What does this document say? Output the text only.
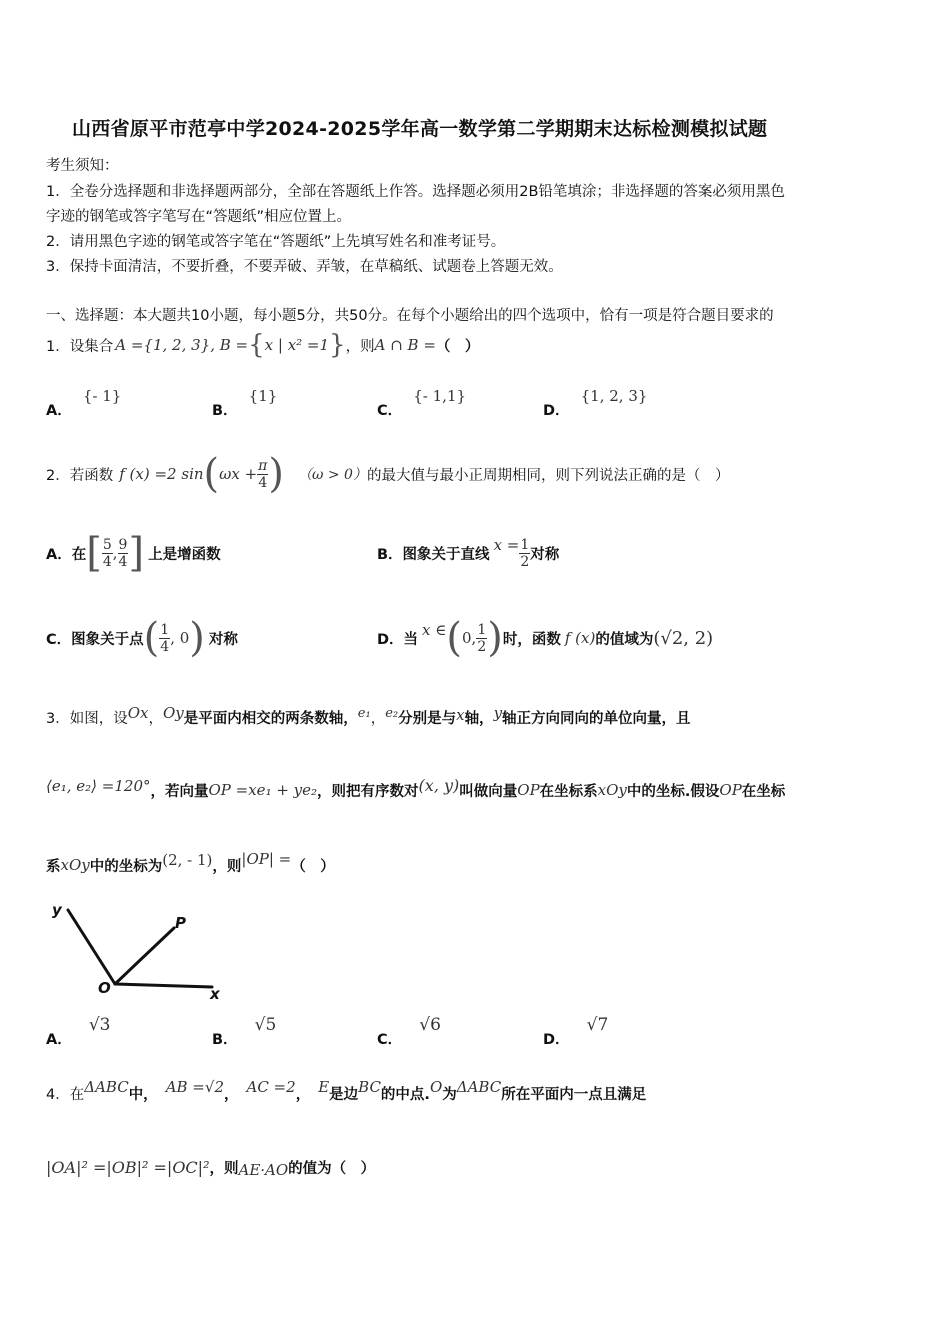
山西省原平市范亭中学2024-2025学年高一数学第二学期期末达标检测模拟试题
考生须知：
1．全卷分选择题和非选择题两部分，全部在答题纸上作答。选择题必须用2B铅笔填涂；非选择题的答案必须用黑色
字迹的钢笔或答字笔写在“答题纸”相应位置上。
2．请用黑色字迹的钢笔或答字笔在“答题纸”上先填写姓名和准考证号。
3．保持卡面清洁，不要折叠，不要弄破、弄皱，在草稿纸、试题卷上答题无效。
一、选择题：本大题共10小题，每小题5分，共50分。在每个小题给出的四个选项中，恰有一项是符合题目要求的
1．设集合 A ={1, 2, 3}, B = { x | x² =1 } ，则 A ∩ B = （　）
A． {- 1}
B． {1}
C． {- 1,1}
D． {1, 2, 3}
2．若函数 f (x) =2 sin ( $\omega x + \frac{\pi}{4}$ ) （ω > 0） 的最大值与最小正周期相同，则下列说法正确的是（　）
A．在 [ $\frac{5}{4}$ , $\frac{9}{4}$ ] 上是增函数	B．图象关于直线
$x = \frac{1}{2}$ 对称
C．图象关于点 ( $\frac{1}{4}$ , 0 ) 对称	D．当
x ∈ ( 0, $\frac{1}{2}$ ) 时，函数 f (x) 的值域为 (√2, 2)
3．如图，设 Ox ， Oy 是平面内相交的两条数轴， e₁ ， e₂ 分别是与 x 轴， y 轴正方向同向的单位向量，且
⟨e₁, e₂⟩ =120° ，若向量 OP =xe₁ + ye₂ ，则把有序数对 (x, y) 叫做向量 OP 在坐标系 xOy 中的坐标.假设 OP 在坐标
系 xOy 中的坐标为 (2, - 1) ，则 |OP| = （　）
y
P
O	x
A． √3
B． √5
C． √6
D． √7
4．在 ΔABC 中， AB =√2 ， AC =2 ， E 是边 BC 的中点. O 为 ΔABC 所在平面内一点且满足
|OA|² =|OB|² =|OC|² ，则 AE·AO 的值为（　）
